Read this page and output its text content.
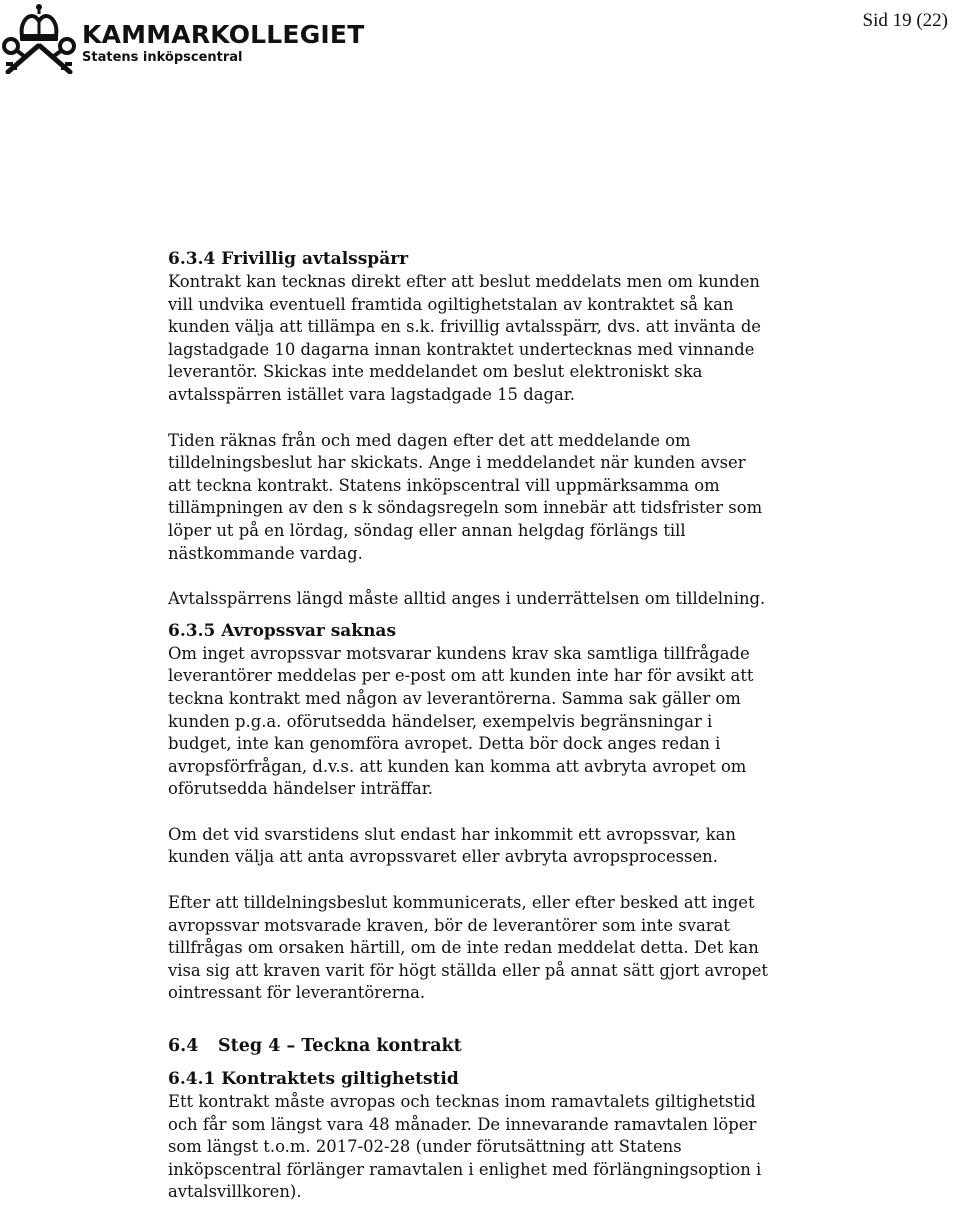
KAMMARKOLLEGIET
Statens inköpscentral
Sid 19 (22)

6.3.4 Frivillig avtalsspärr

Kontrakt kan tecknas direkt efter att beslut meddelats men om kunden

vill undvika eventuell framtida ogiltighetstalan av kontraktet så kan

kunden välja att tillämpa en s.k. frivillig avtalsspärr, dvs. att invänta de

lagstadgade 10 dagarna innan kontraktet undertecknas med vinnande

leverantör. Skickas inte meddelandet om beslut elektroniskt ska

avtalsspärren istället vara lagstadgade 15 dagar.

Tiden räknas från och med dagen efter det att meddelande om

tilldelningsbeslut har skickats. Ange i meddelandet när kunden avser

att teckna kontrakt. Statens inköpscentral vill uppmärksamma om

tillämpningen av den s k söndagsregeln som innebär att tidsfrister som

löper ut på en lördag, söndag eller annan helgdag förlängs till

nästkommande vardag.

Avtalsspärrens längd måste alltid anges i underrättelsen om tilldelning.

6.3.5 Avropssvar saknas

Om inget avropssvar motsvarar kundens krav ska samtliga tillfrågade

leverantörer meddelas per e-post om att kunden inte har för avsikt att

teckna kontrakt med någon av leverantörerna. Samma sak gäller om

kunden p.g.a. oförutsedda händelser, exempelvis begränsningar i

budget, inte kan genomföra avropet. Detta bör dock anges redan i

avropsförfrågan, d.v.s. att kunden kan komma att avbryta avropet om

oförutsedda händelser inträffar.

Om det vid svarstidens slut endast har inkommit ett avropssvar, kan

kunden välja att anta avropssvaret eller avbryta avropsprocessen.

Efter att tilldelningsbeslut kommunicerats, eller efter besked att inget

avropssvar motsvarade kraven, bör de leverantörer som inte svarat

tillfrågas om orsaken härtill, om de inte redan meddelat detta. Det kan

visa sig att kraven varit för högt ställda eller på annat sätt gjort avropet

ointressant för leverantörerna.

6.4 Steg 4 – Teckna kontrakt

6.4.1 Kontraktets giltighetstid

Ett kontrakt måste avropas och tecknas inom ramavtalets giltighetstid

och får som längst vara 48 månader. De innevarande ramavtalen löper

som längst t.o.m. 2017-02-28 (under förutsättning att Statens

inköpscentral förlänger ramavtalen i enlighet med förlängningsoption i

avtalsvillkoren).
